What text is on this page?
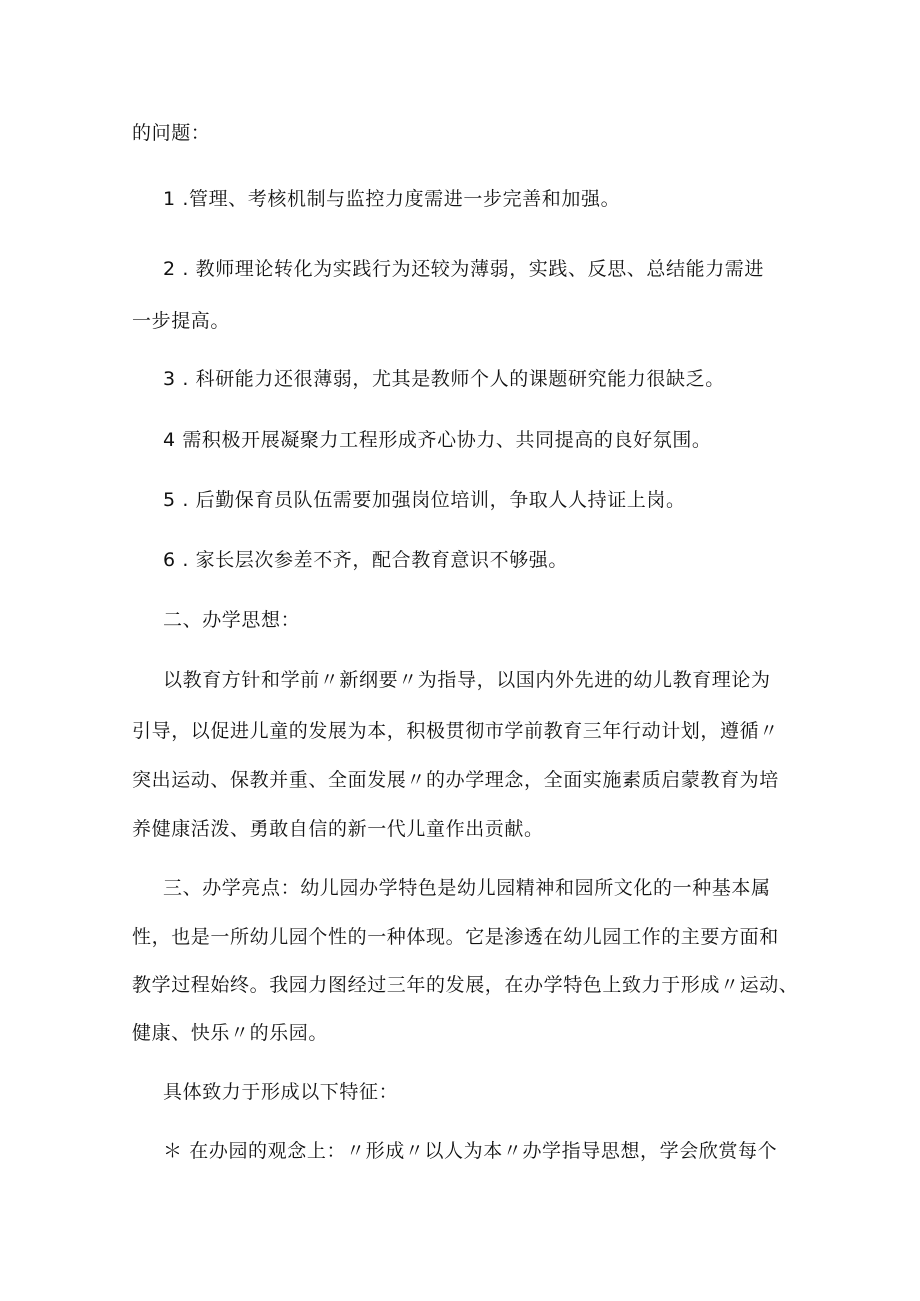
的问题：
1 .管理、考核机制与监控力度需进一步完善和加强。
2 . 教师理论转化为实践行为还较为薄弱，实践、反思、总结能力需进
一步提高。
3 . 科研能力还很薄弱，尤其是教师个人的课题研究能力很缺乏。
4 需积极开展凝聚力工程形成齐心协力、共同提高的良好氛围。
5 . 后勤保育员队伍需要加强岗位培训，争取人人持证上岗。
6 . 家长层次参差不齐，配合教育意识不够强。
二、办学思想：
以教育方针和学前〃新纲要〃为指导，以国内外先进的幼儿教育理论为
引导，以促进儿童的发展为本，积极贯彻市学前教育三年行动计划，遵循〃
突出运动、保教并重、全面发展〃的办学理念，全面实施素质启蒙教育为培
养健康活泼、勇敢自信的新一代儿童作出贡献。
三、办学亮点：幼儿园办学特色是幼儿园精神和园所文化的一种基本属
性，也是一所幼儿园个性的一种体现。它是渗透在幼儿园工作的主要方面和
教学过程始终。我园力图经过三年的发展，在办学特色上致力于形成〃运动、
健康、快乐〃的乐园。
具体致力于形成以下特征：
＊ 在办园的观念上：〃形成〃以人为本〃办学指导思想，学会欣赏每个
